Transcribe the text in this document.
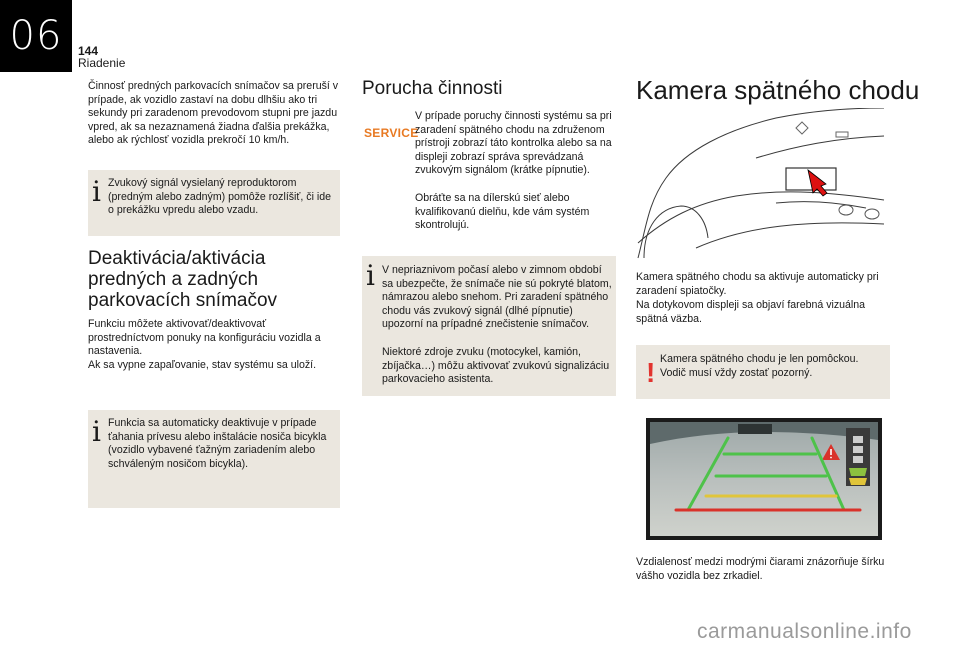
06	144
Riadenie

Činnosť predných parkovacích snímačov sa preruší v prípade, ak vozidlo zastaví na dobu dlhšiu ako tri sekundy pri zaradenom prevodovom stupni pre jazdu vpred, ak sa nezaznamená žiadna ďalšia prekážka, alebo ak rýchlosť vozidla prekročí 10 km/h.

i Zvukový signál vysielaný reproduktorom (predným alebo zadným) pomôže rozlíšiť, či ide o prekážku vpredu alebo vzadu.

Deaktivácia/aktivácia predných a zadných parkovacích snímačov

Funkciu môžete aktivovať/deaktivovať prostredníctvom ponuky na konfiguráciu vozidla a nastavenia.

Ak sa vypne zapaľovanie, stav systému sa uloží.

i Funkcia sa automaticky deaktivuje v prípade ťahania prívesu alebo inštalácie nosiča bicykla (vozidlo vybavené ťažným zariadením alebo schváleným nosičom bicykla).

Porucha činnosti
SERVICE

V prípade poruchy činnosti systému sa pri zaradení spätného chodu na združenom prístroji zobrazí táto kontrolka alebo sa na displeji zobrazí správa sprevádzaná zvukovým signálom (krátke pípnutie).

Obráťte sa na dílerskú sieť alebo kvalifikovanú dielňu, kde vám systém skontrolujú.

i V nepriaznivom počasí alebo v zimnom období sa ubezpečte, že snímače nie sú pokryté blatom, námrazou alebo snehom. Pri zaradení spätného chodu vás zvukový signál (dlhé pípnutie) upozorní na prípadné znečistenie snímačov.

Niektoré zdroje zvuku (motocykel, kamión, zbíjačka…) môžu aktivovať zvukovú signalizáciu parkovacieho asistenta.

Kamera spätného chodu

Kamera spätného chodu sa aktivuje automaticky pri zaradení spiatočky.

Na dotykovom displeji sa objaví farebná vizuálna spätná väzba.

! Kamera spätného chodu je len pomôckou.

Vodič musí vždy zostať pozorný.

Vzdialenosť medzi modrými čiarami znázorňuje šírku vášho vozidla bez zrkadiel.

carmanualsonline.info
